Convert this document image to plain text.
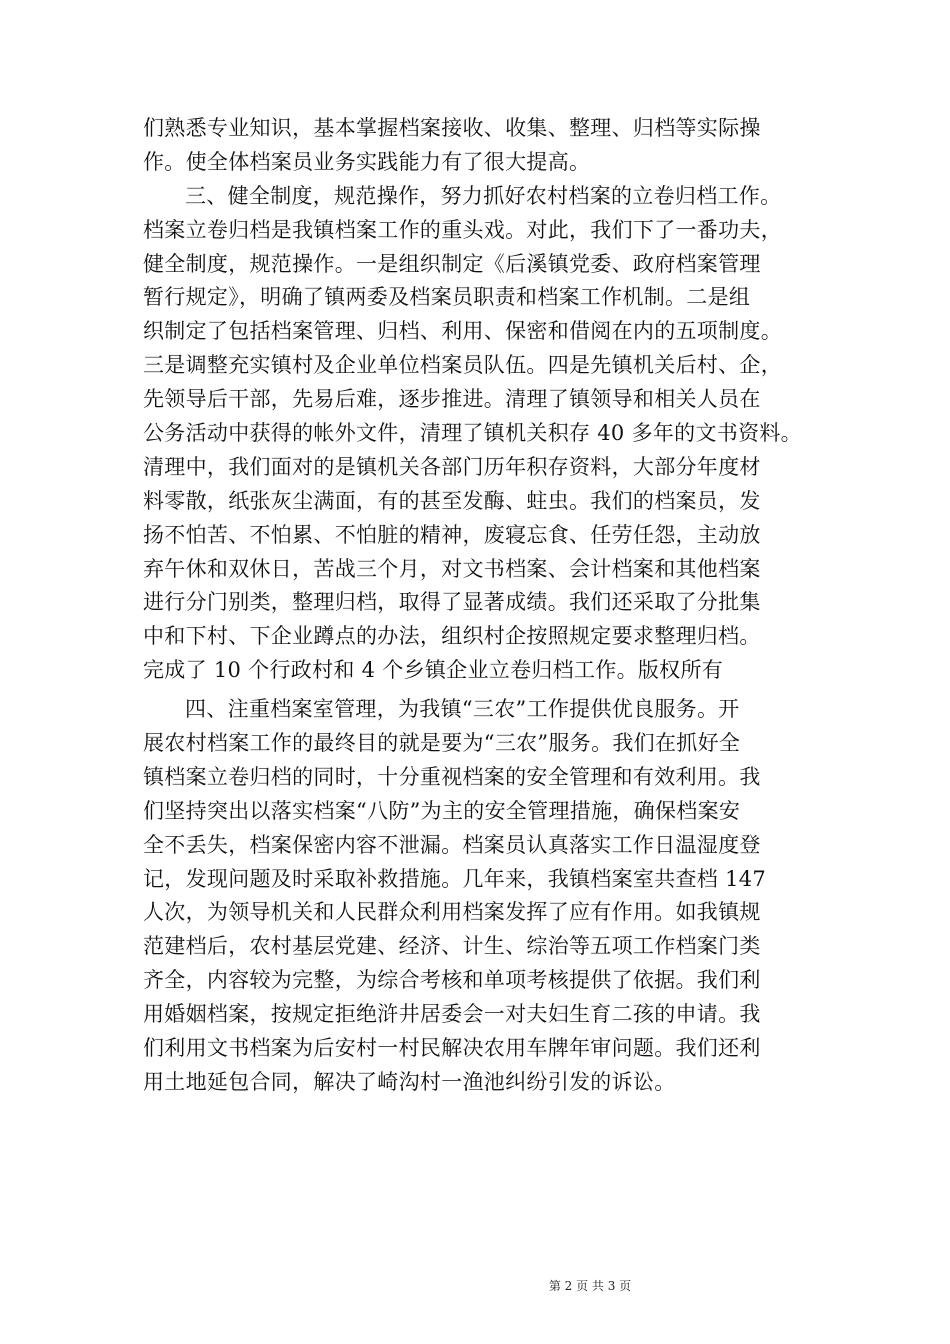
们熟悉专业知识，基本掌握档案接收、收集、整理、归档等实际操
作。使全体档案员业务实践能力有了很大提高。
三、健全制度，规范操作，努力抓好农村档案的立卷归档工作。
档案立卷归档是我镇档案工作的重头戏。对此，我们下了一番功夫，
健全制度，规范操作。一是组织制定《后溪镇党委、政府档案管理
暂行规定》，明确了镇两委及档案员职责和档案工作机制。二是组
织制定了包括档案管理、归档、利用、保密和借阅在内的五项制度。
三是调整充实镇村及企业单位档案员队伍。四是先镇机关后村、企，
先领导后干部，先易后难，逐步推进。清理了镇领导和相关人员在
公务活动中获得的帐外文件，清理了镇机关积存 40 多年的文书资料。
清理中，我们面对的是镇机关各部门历年积存资料，大部分年度材
料零散，纸张灰尘满面，有的甚至发酶、蛀虫。我们的档案员，发
扬不怕苦、不怕累、不怕脏的精神，废寝忘食、任劳任怨，主动放
弃午休和双休日，苦战三个月，对文书档案、会计档案和其他档案
进行分门别类，整理归档，取得了显著成绩。我们还采取了分批集
中和下村、下企业蹲点的办法，组织村企按照规定要求整理归档。
完成了 10 个行政村和 4 个乡镇企业立卷归档工作。版权所有
四、注重档案室管理，为我镇“三农”工作提供优良服务。开
展农村档案工作的最终目的就是要为“三农”服务。我们在抓好全
镇档案立卷归档的同时，十分重视档案的安全管理和有效利用。我
们坚持突出以落实档案“八防”为主的安全管理措施，确保档案安
全不丢失，档案保密内容不泄漏。档案员认真落实工作日温湿度登
记，发现问题及时采取补救措施。几年来，我镇档案室共查档 147
人次，为领导机关和人民群众利用档案发挥了应有作用。如我镇规
范建档后，农村基层党建、经济、计生、综治等五项工作档案门类
齐全，内容较为完整，为综合考核和单项考核提供了依据。我们利
用婚姻档案，按规定拒绝浒井居委会一对夫妇生育二孩的申请。我
们利用文书档案为后安村一村民解决农用车牌年审问题。我们还利
用土地延包合同，解决了崎沟村一渔池纠纷引发的诉讼。
第 2 页 共 3 页
